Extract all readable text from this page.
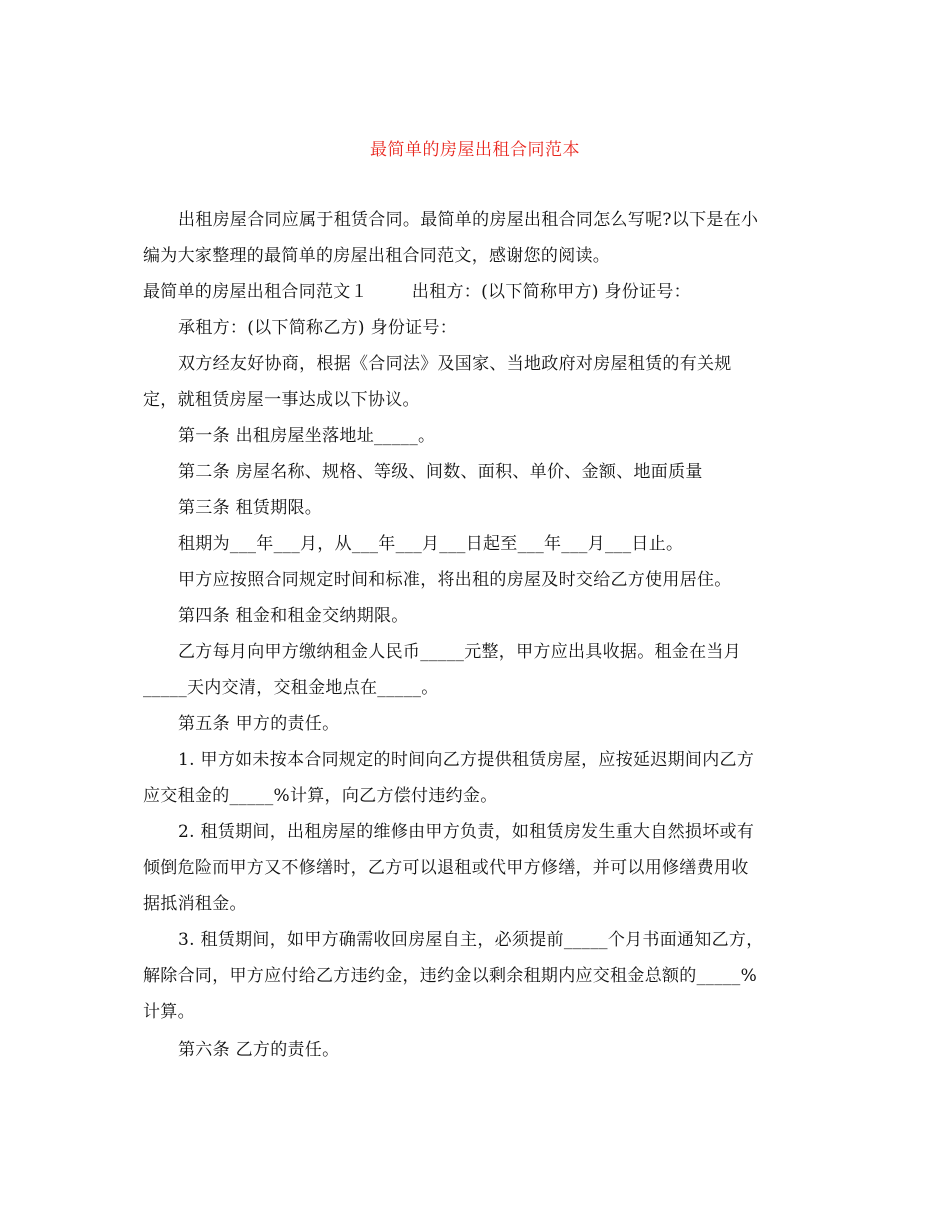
最简单的房屋出租合同范本
出租房屋合同应属于租赁合同。最简单的房屋出租合同怎么写呢?以下是在小
编为大家整理的最简单的房屋出租合同范文，感谢您的阅读。
最简单的房屋出租合同范文１	出租方：(以下简称甲方) 身份证号：
承租方：(以下简称乙方) 身份证号：
双方经友好协商，根据《合同法》及国家、当地政府对房屋租赁的有关规
定，就租赁房屋一事达成以下协议。
第一条 出租房屋坐落地址_____。
第二条 房屋名称、规格、等级、间数、面积、单价、金额、地面质量
第三条 租赁期限。
租期为___年___月，从___年___月___日起至___年___月___日止。
甲方应按照合同规定时间和标准，将出租的房屋及时交给乙方使用居住。
第四条 租金和租金交纳期限。
乙方每月向甲方缴纳租金人民币_____元整，甲方应出具收据。租金在当月
_____天内交清，交租金地点在_____。
第五条 甲方的责任。
1. 甲方如未按本合同规定的时间向乙方提供租赁房屋，应按延迟期间内乙方
应交租金的_____%计算，向乙方偿付违约金。
2. 租赁期间，出租房屋的维修由甲方负责，如租赁房发生重大自然损坏或有
倾倒危险而甲方又不修缮时，乙方可以退租或代甲方修缮，并可以用修缮费用收
据抵消租金。
3. 租赁期间，如甲方确需收回房屋自主，必须提前_____个月书面通知乙方，
解除合同，甲方应付给乙方违约金，违约金以剩余租期内应交租金总额的_____%
计算。
第六条 乙方的责任。
